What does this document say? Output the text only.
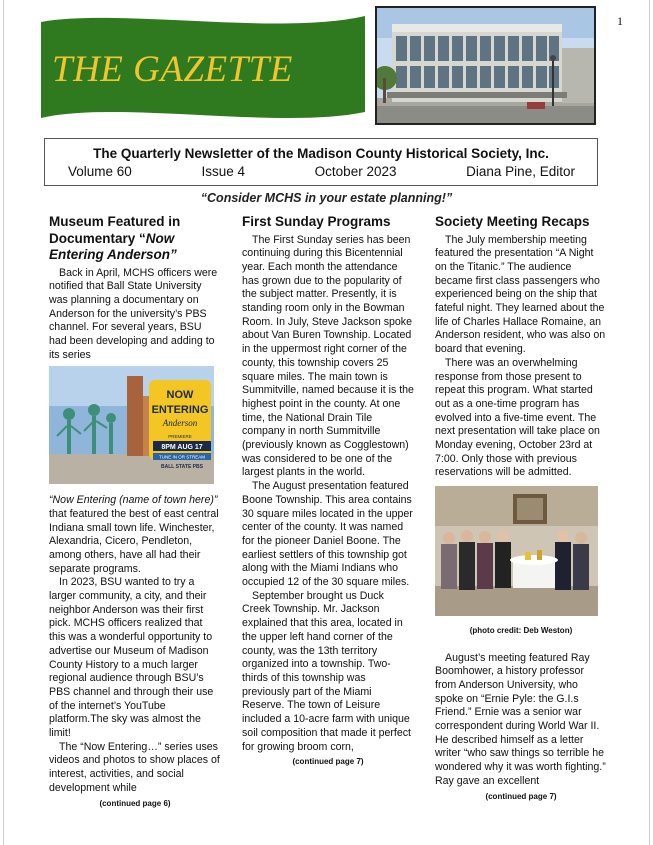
1
THE GAZETTE
The Quarterly Newsletter of the Madison County Historical Society, Inc.
Volume 60	Issue 4	October 2023	Diana Pine, Editor
“Consider MCHS in your estate planning!”
Museum Featured in Documentary “Now Entering Anderson”

Back in April, MCHS officers were notified that Ball State University was planning a documentary on Anderson for the university’s PBS channel. For several years, BSU had been developing and adding to its series

NOW
ENTERING
Anderson
PREMIERE
8PM AUG 17
TUNE IN OR STREAM
BALL STATE PBS

“Now Entering (name of town here)” that featured the best of east central Indiana small town life. Winchester, Alexandria, Cicero, Pendleton, among others, have all had their separate programs.

In 2023, BSU wanted to try a larger community, a city, and their neighbor Anderson was their first pick. MCHS officers realized that this was a wonderful opportunity to advertise our Museum of Madison County History to a much larger regional audience through BSU’s PBS channel and through their use of the internet’s YouTube platform.The sky was almost the limit!

The “Now Entering…” series uses videos and photos to show places of interest, activities, and social development while

(continued page 6)
First Sunday Programs

The First Sunday series has been continuing during this Bicentennial year. Each month the attendance has grown due to the popularity of the subject matter. Presently, it is standing room only in the Bowman Room. In July, Steve Jackson spoke about Van Buren Township. Located in the uppermost right corner of the county, this township covers 25 square miles. The main town is Summitville, named because it is the highest point in the county. At one time, the National Drain Tile company in north Summitville (previously known as Cogglestown) was considered to be one of the largest plants in the world.

The August presentation featured Boone Township. This area contains 30 square miles located in the upper center of the county. It was named for the pioneer Daniel Boone. The earliest settlers of this township got along with the Miami Indians who occupied 12 of the 30 square miles.

September brought us Duck Creek Township. Mr. Jackson explained that this area, located in the upper left hand corner of the county, was the 13th territory organized into a township. Two-thirds of this township was previously part of the Miami Reserve. The town of Leisure included a 10-acre farm with unique soil composition that made it perfect for growing broom corn,

(continued page 7)
Society Meeting Recaps

The July membership meeting featured the presentation “A Night on the Titanic.” The audience became first class passengers who experienced being on the ship that fateful night. They learned about the life of Charles Hallace Romaine, an Anderson resident, who was also on board that evening.

There was an overwhelming response from those present to repeat this program. What started out as a one-time program has evolved into a five-time event. The next presentation will take place on Monday evening, October 23rd at 7:00. Only those with previous reservations will be admitted.

(photo credit: Deb Weston)

August’s meeting featured Ray Boomhower, a history professor from Anderson University, who spoke on “Ernie Pyle: the G.I.s Friend.” Ernie was a senior war correspondent during World War II. He described himself as a letter writer “who saw things so terrible he wondered why it was worth fighting.” Ray gave an excellent

(continued page 7)
